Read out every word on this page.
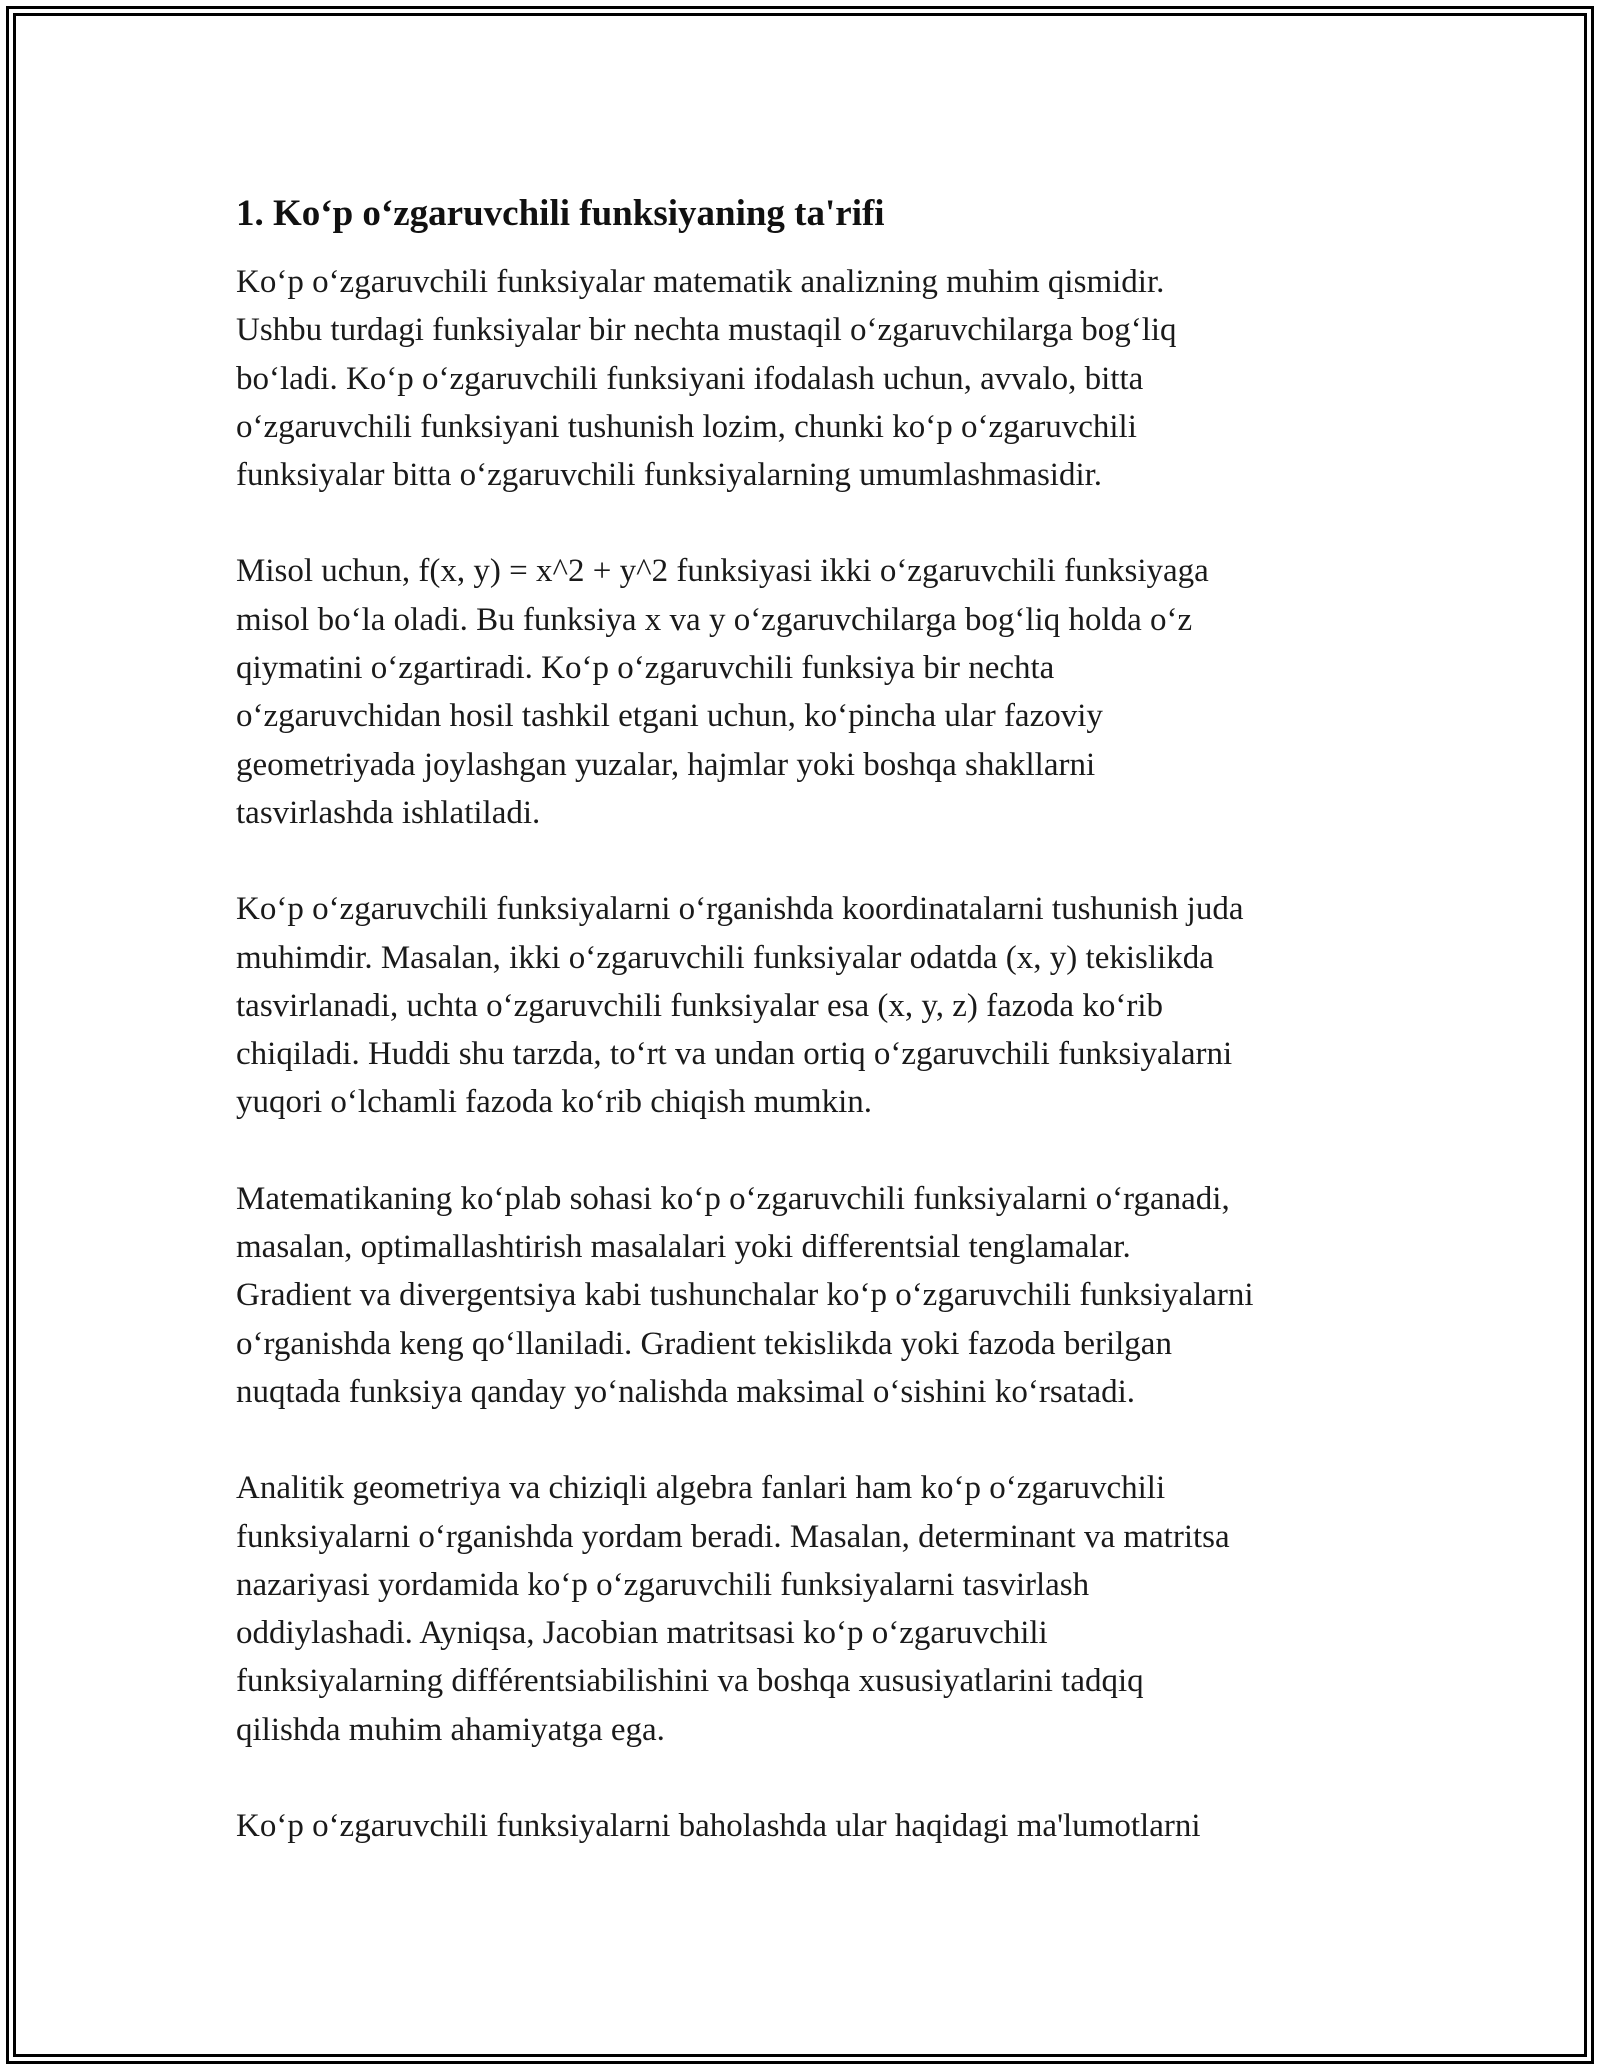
1. Ko‘p o‘zgaruvchili funksiyaning ta'rifi

Ko‘p o‘zgaruvchili funksiyalar matematik analizning muhim qismidir.
Ushbu turdagi funksiyalar bir nechta mustaqil o‘zgaruvchilarga bog‘liq
bo‘ladi. Ko‘p o‘zgaruvchili funksiyani ifodalash uchun, avvalo, bitta
o‘zgaruvchili funksiyani tushunish lozim, chunki ko‘p o‘zgaruvchili
funksiyalar bitta o‘zgaruvchili funksiyalarning umumlashmasidir.

Misol uchun, f(x, y) = x^2 + y^2 funksiyasi ikki o‘zgaruvchili funksiyaga
misol bo‘la oladi. Bu funksiya x va y o‘zgaruvchilarga bog‘liq holda o‘z
qiymatini o‘zgartiradi. Ko‘p o‘zgaruvchili funksiya bir nechta
o‘zgaruvchidan hosil tashkil etgani uchun, ko‘pincha ular fazoviy
geometriyada joylashgan yuzalar, hajmlar yoki boshqa shakllarni
tasvirlashda ishlatiladi.

Ko‘p o‘zgaruvchili funksiyalarni o‘rganishda koordinatalarni tushunish juda
muhimdir. Masalan, ikki o‘zgaruvchili funksiyalar odatda (x, y) tekislikda
tasvirlanadi, uchta o‘zgaruvchili funksiyalar esa (x, y, z) fazoda ko‘rib
chiqiladi. Huddi shu tarzda, to‘rt va undan ortiq o‘zgaruvchili funksiyalarni
yuqori o‘lchamli fazoda ko‘rib chiqish mumkin.

Matematikaning ko‘plab sohasi ko‘p o‘zgaruvchili funksiyalarni o‘rganadi,
masalan, optimallashtirish masalalari yoki differentsial tenglamalar.
Gradient va divergentsiya kabi tushunchalar ko‘p o‘zgaruvchili funksiyalarni
o‘rganishda keng qo‘llaniladi. Gradient tekislikda yoki fazoda berilgan
nuqtada funksiya qanday yo‘nalishda maksimal o‘sishini ko‘rsatadi.

Analitik geometriya va chiziqli algebra fanlari ham ko‘p o‘zgaruvchili
funksiyalarni o‘rganishda yordam beradi. Masalan, determinant va matritsa
nazariyasi yordamida ko‘p o‘zgaruvchili funksiyalarni tasvirlash
oddiylashadi. Ayniqsa, Jacobian matritsasi ko‘p o‘zgaruvchili
funksiyalarning différentsiabilishini va boshqa xususiyatlarini tadqiq
qilishda muhim ahamiyatga ega.

Ko‘p o‘zgaruvchili funksiyalarni baholashda ular haqidagi ma'lumotlarni
